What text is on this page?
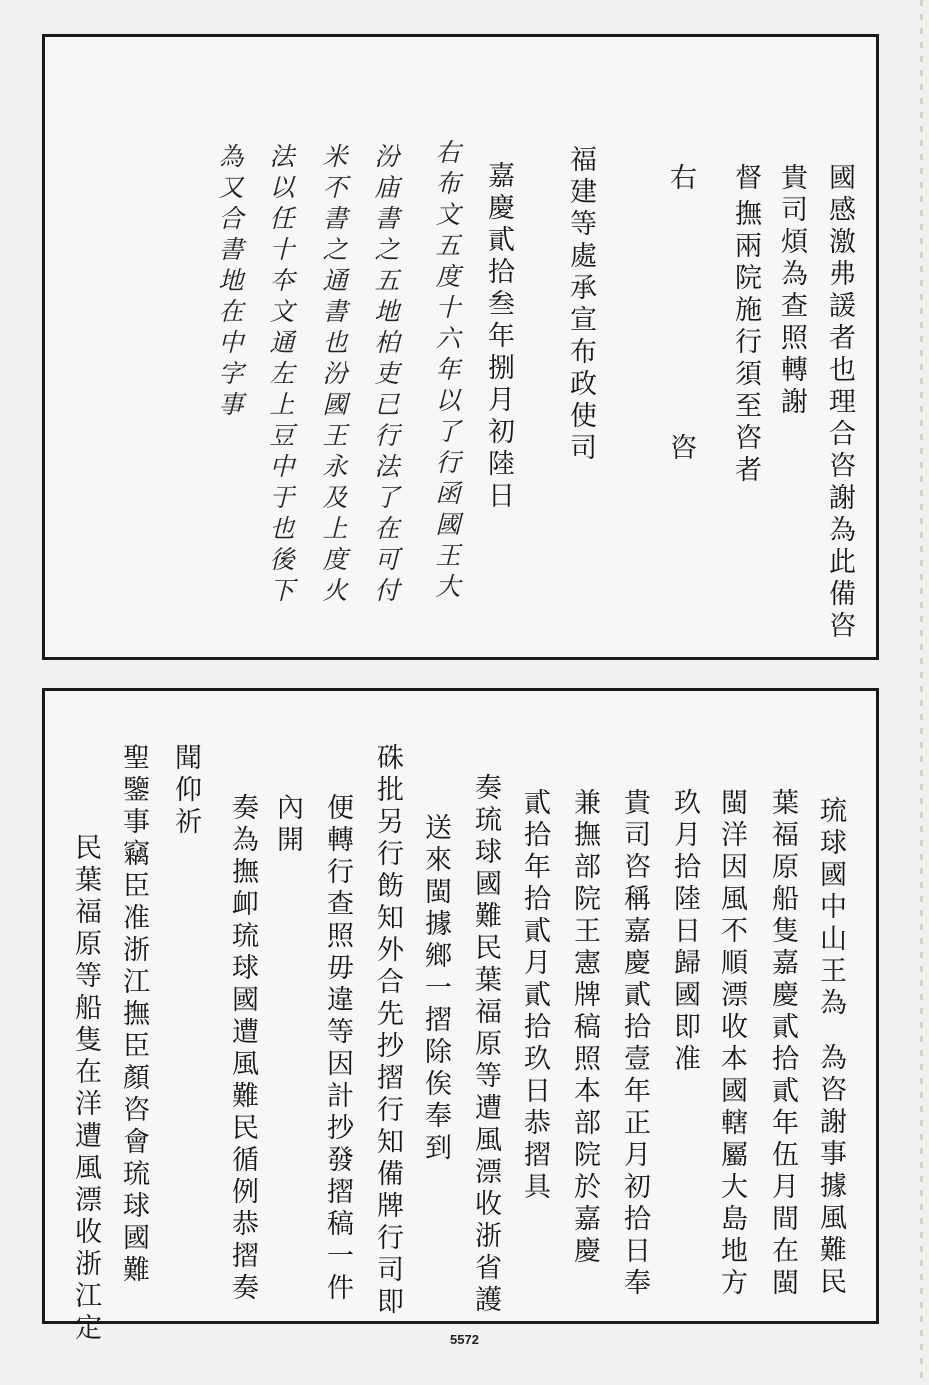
國感激弗諼者也理合咨謝為此備咨
貴司煩為查照轉謝
督
撫兩院施行須至咨者
右
咨
福建等處承宣布政使司
嘉慶貳拾叁年捌月初陸日
右布文五度十六年以了行函國王大
汾庙書之五地柏吏已行法了在可付
米不書之通書也汾國王永及上度火
法以任十夲文通左上豆中于也後下
為又合書地在中字事
琉球國中山王為
為咨謝事據風難民
葉福原船隻嘉慶貳拾貳年伍月間在閩
閩洋因風不順漂收本國轄屬大島地方
玖月拾陸日歸國即准
貴司咨稱嘉慶貳拾壹年正月初拾日奉
兼撫部院王憲牌稿照本部院於嘉慶
貳拾年拾貳月貳拾玖日恭摺具
奏琉球國難民葉福原等遭風漂收浙省護
送來閩據鄉一摺除俟奉到
硃批另行飭知外合先抄摺行知備牌行司即
便轉行查照毋違等因計抄發摺稿一件
內開
奏為撫卹琉球國遭風難民循例恭摺奏
聞仰祈
聖鑒事竊臣准浙江撫臣顏咨會琉球國難
民葉福原等船隻在洋遭風漂收浙江定	5572
